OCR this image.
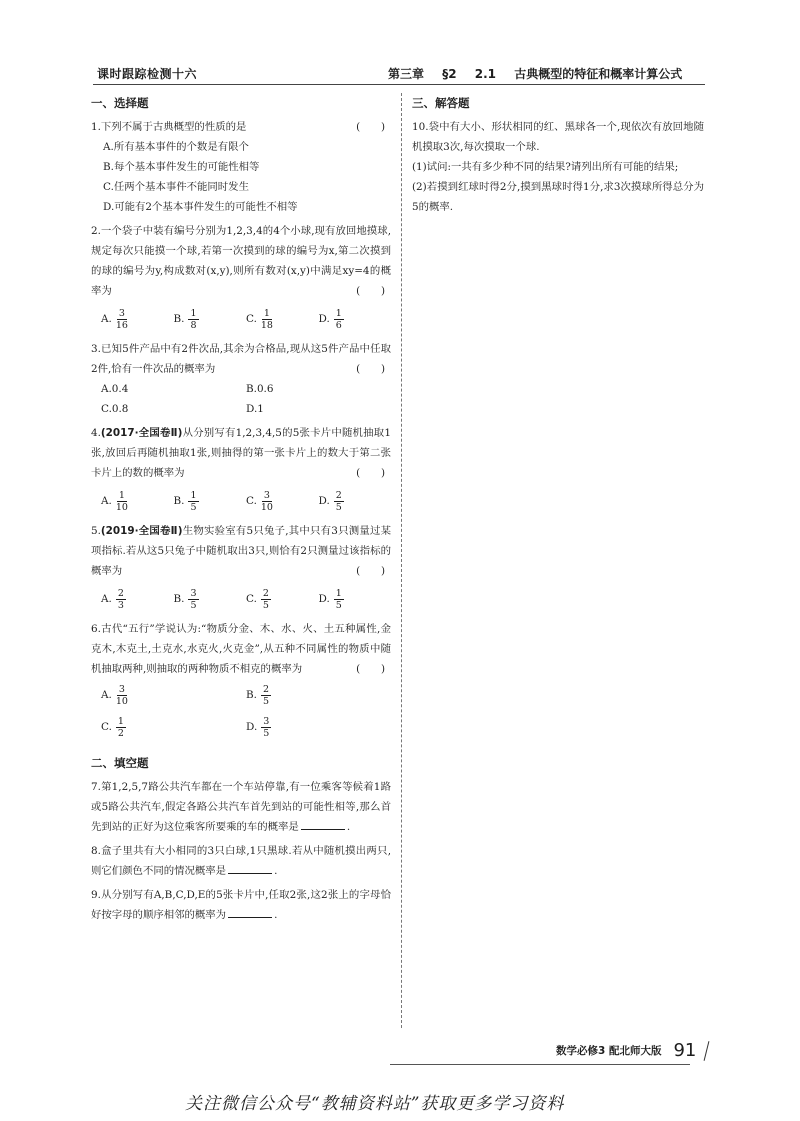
课时跟踪检测十六	第三章 §2 2.1 古典概型的特征和概率计算公式
一、选择题
1.下列不属于古典概型的性质的是	(　　)
A.所有基本事件的个数是有限个
B.每个基本事件发生的可能性相等
C.任两个基本事件不能同时发生
D.可能有2个基本事件发生的可能性不相等
2.一个袋子中装有编号分别为1,2,3,4的4个小球,现有放回地摸球,规定每次只能摸一个球,若第一次摸到的球的编号为x,第二次摸到的球的编号为y,构成数对(x,y),则所有数对(x,y)中满足xy=4的概率为	(　　)
A. $\frac{3}{16}$	B. $\frac{1}{8}$	C. $\frac{1}{18}$	D. $\frac{1}{6}$
3.已知5件产品中有2件次品,其余为合格品,现从这5件产品中任取2件,恰有一件次品的概率为	(　　)
A.0.4	B.0.6
C.0.8	D.1
4.(2017·全国卷Ⅱ)从分别写有1,2,3,4,5的5张卡片中随机抽取1张,放回后再随机抽取1张,则抽得的第一张卡片上的数大于第二张卡片上的数的概率为	(　　)
A. $\frac{1}{10}$	B. $\frac{1}{5}$	C. $\frac{3}{10}$	D. $\frac{2}{5}$
5.(2019·全国卷Ⅱ)生物实验室有5只兔子,其中只有3只测量过某项指标.若从这5只兔子中随机取出3只,则恰有2只测量过该指标的概率为	(　　)
A. $\frac{2}{3}$	B. $\frac{3}{5}$	C. $\frac{2}{5}$	D. $\frac{1}{5}$
6.古代“五行”学说认为:“物质分金、木、水、火、土五种属性,金克木,木克土,土克水,水克火,火克金”,从五种不同属性的物质中随机抽取两种,则抽取的两种物质不相克的概率为	(　　)
A. $\frac{3}{10}$	B. $\frac{2}{5}$
C. $\frac{1}{2}$	D. $\frac{3}{5}$
二、填空题
7.第1,2,5,7路公共汽车都在一个车站停靠,有一位乘客等候着1路或5路公共汽车,假定各路公共汽车首先到站的可能性相等,那么首先到站的正好为这位乘客所要乘的车的概率是	.
8.盒子里共有大小相同的3只白球,1只黑球.若从中随机摸出两只,则它们颜色不同的情况概率是	.
9.从分别写有A,B,C,D,E的5张卡片中,任取2张,这2张上的字母恰好按字母的顺序相邻的概率为	.
三、解答题
10.袋中有大小、形状相同的红、黑球各一个,现依次有放回地随机摸取3次,每次摸取一个球.
(1)试问:一共有多少种不同的结果?请列出所有可能的结果;
(2)若摸到红球时得2分,摸到黑球时得1分,求3次摸球所得总分为5的概率.
数学必修3 配北师大版 91
关注微信公众号“教辅资料站”获取更多学习资料
